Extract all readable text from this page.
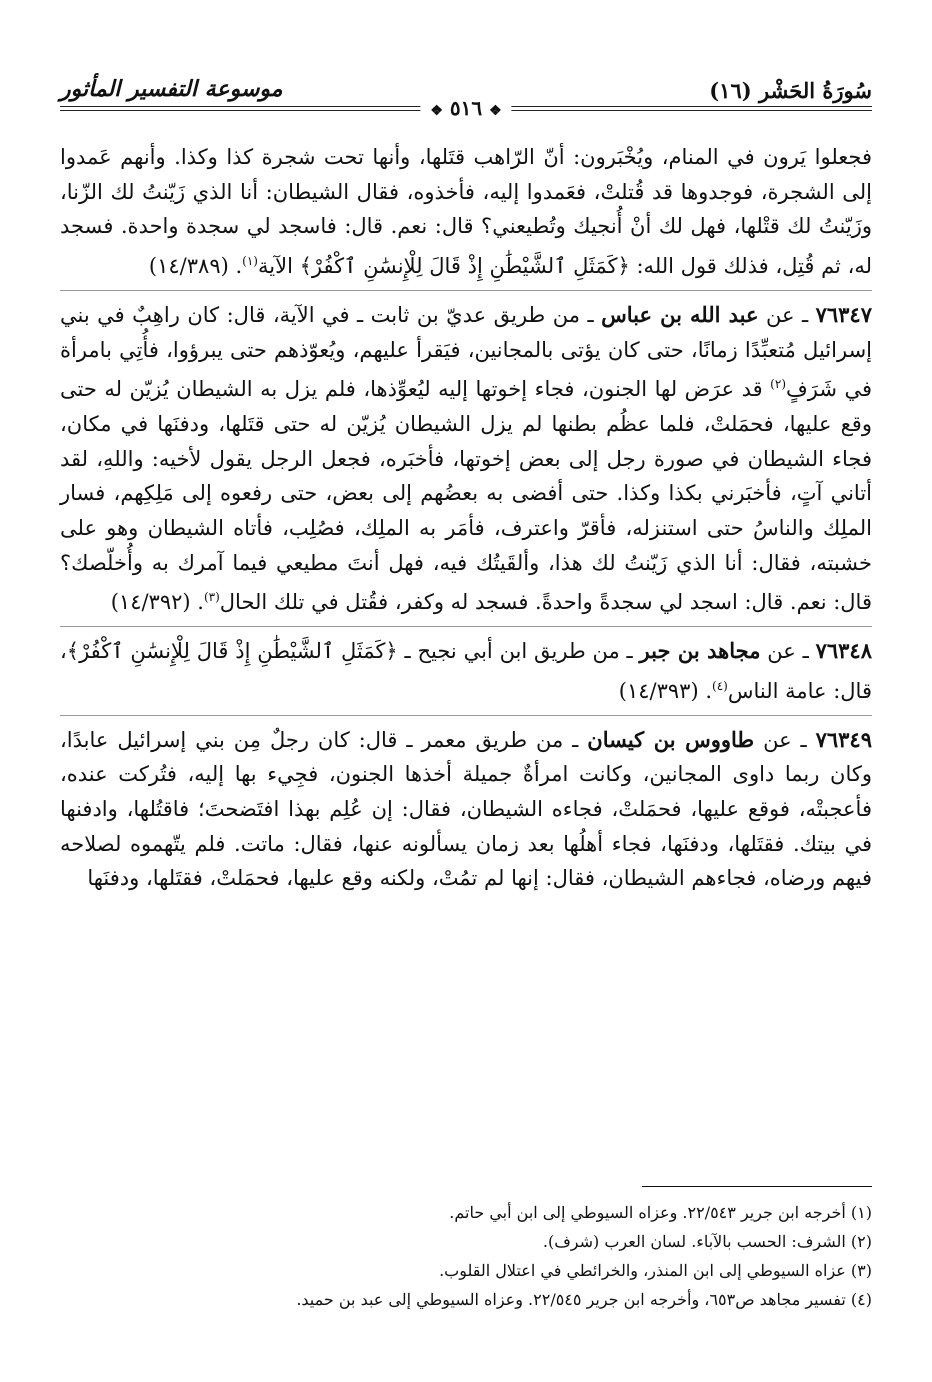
سُورَةُ الحَشْر (١٦)
موسوعة التفسير المأثور
❖ ٥١٦ ❖

فجعلوا يَرون في المنام، ويُخْبَرون: أنّ الرّاهب قتَلها، وأنها تحت شجرة كذا وكذا. وأنهم عَمدوا إلى الشجرة، فوجدوها قد قُتلتْ، فعَمدوا إليه، فأخذوه، فقال الشيطان: أنا الذي زَيّنتُ لك الزّنا، وزَيّنتُ لك قتْلها، فهل لك أنْ أُنجيك وتُطيعني؟ قال: نعم. قال: فاسجد لي سجدة واحدة. فسجد له، ثم قُتِل، فذلك قول الله: ﴿كَمَثَلِ ٱلشَّيْطَٰنِ إِذْ قَالَ لِلْإِنسَٰنِ ٱكْفُرْ﴾ الآية$^{(١)}$. (١٤/٣٨٩)

٧٦٣٤٧ ـ عن عبد الله بن عباس ـ من طريق عديّ بن ثابت ـ في الآية، قال: كان راهِبٌ في بني إسرائيل مُتعبِّدًا زمانًا، حتى كان يؤتى بالمجانين، فيَقرأ عليهم، ويُعوّذهم حتى يبرؤوا، فأُتِي بامرأة في شَرَفٍ$^{(٢)}$ قد عرَض لها الجنون، فجاء إخوتها إليه ليُعوِّذها، فلم يزل به الشيطان يُزيّن له حتى وقع عليها، فحمَلتْ، فلما عظُم بطنها لم يزل الشيطان يُزيّن له حتى قتَلها، ودفنَها في مكان، فجاء الشيطان في صورة رجل إلى بعض إخوتها، فأخبَره، فجعل الرجل يقول لأخيه: واللهِ، لقد أتاني آتٍ، فأخبَرني بكذا وكذا. حتى أفضى به بعضُهم إلى بعض، حتى رفعوه إلى مَلِكِهم، فسار الملِك والناسُ حتى استنزله، فأقرّ واعترف، فأمَر به الملِك، فصُلِب، فأتاه الشيطان وهو على خشبته، فقال: أنا الذي زَيّنتُ لك هذا، وألقَيتُك فيه، فهل أنتَ مطيعي فيما آمرك به وأُخلّصك؟ قال: نعم. قال: اسجد لي سجدةً واحدةً. فسجد له وكفر، فقُتل في تلك الحال$^{(٣)}$. (١٤/٣٩٢)

٧٦٣٤٨ ـ عن مجاهد بن جبر ـ من طريق ابن أبي نجيح ـ ﴿كَمَثَلِ ٱلشَّيْطَٰنِ إِذْ قَالَ لِلْإِنسَٰنِ ٱكْفُرْ﴾، قال: عامة الناس$^{(٤)}$. (١٤/٣٩٣)

٧٦٣٤٩ ـ عن طاووس بن كيسان ـ من طريق معمر ـ قال: كان رجلٌ مِن بني إسرائيل عابدًا، وكان ربما داوى المجانين، وكانت امرأةٌ جميلة أخذها الجنون، فجِيء بها إليه، فتُركت عنده، فأعجبتْه، فوقع عليها، فحمَلتْ، فجاءه الشيطان، فقال: إن عُلِم بهذا افتَضحتَ؛ فاقتُلها، وادفنها في بيتك. فقتَلها، ودفنَها، فجاء أهلُها بعد زمان يسألونه عنها، فقال: ماتت. فلم يتّهموه لصلاحه فيهم ورضاه، فجاءهم الشيطان، فقال: إنها لم تمُتْ، ولكنه وقع عليها، فحمَلتْ، فقتَلها، ودفنَها

(١) أخرجه ابن جرير ٢٢/٥٤٣. وعزاه السيوطي إلى ابن أبي حاتم.

(٢) الشرف: الحسب بالآباء. لسان العرب (شرف).

(٣) عزاه السيوطي إلى ابن المنذر، والخرائطي في اعتلال القلوب.

(٤) تفسير مجاهد ص٦٥٣، وأخرجه ابن جرير ٢٢/٥٤٥. وعزاه السيوطي إلى عبد بن حميد.
